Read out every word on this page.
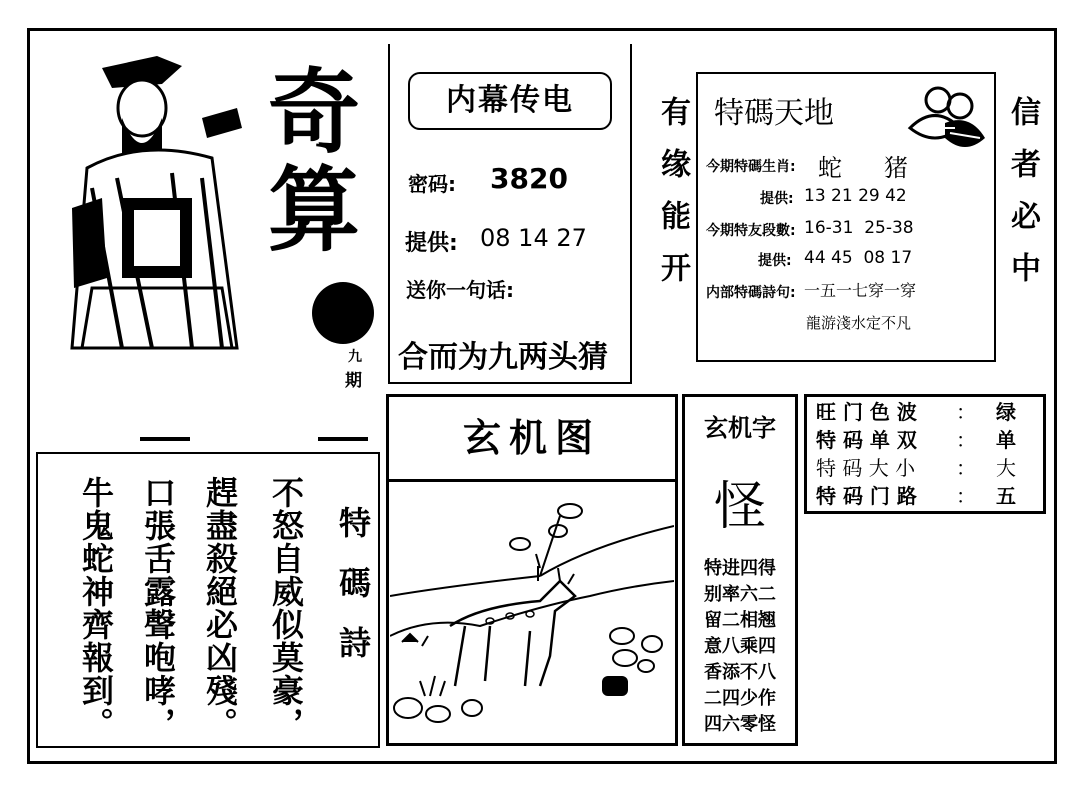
奇
算
九
期
内幕传电
密码: 3820
提供: 08 14 27
送你一句话:
合而为九两头猜
有缘能开 特碼天地
今期特碼生肖: 蛇 猪
提供: 13 21 29 42
今期特友段數: 16-31  25-38
提供: 44 45  08 17
内部特碼詩句: 一五一七穿一穿
龍游淺水定不凡
信者必中
玄机图	玄机字
怪
特进四得
别率六二
留二相翘
意八乘四
香添不八
二四少作
四六零怪
旺 门 色 波	：	绿
特 码 单 双	：	单
特 码 大 小	：	大
特 码 门 路	：	五
特碼詩
不怒自威似莫豪，
趕盡殺絕必凶殘。
口張舌露聲咆哮，
牛鬼蛇神齊報到。
